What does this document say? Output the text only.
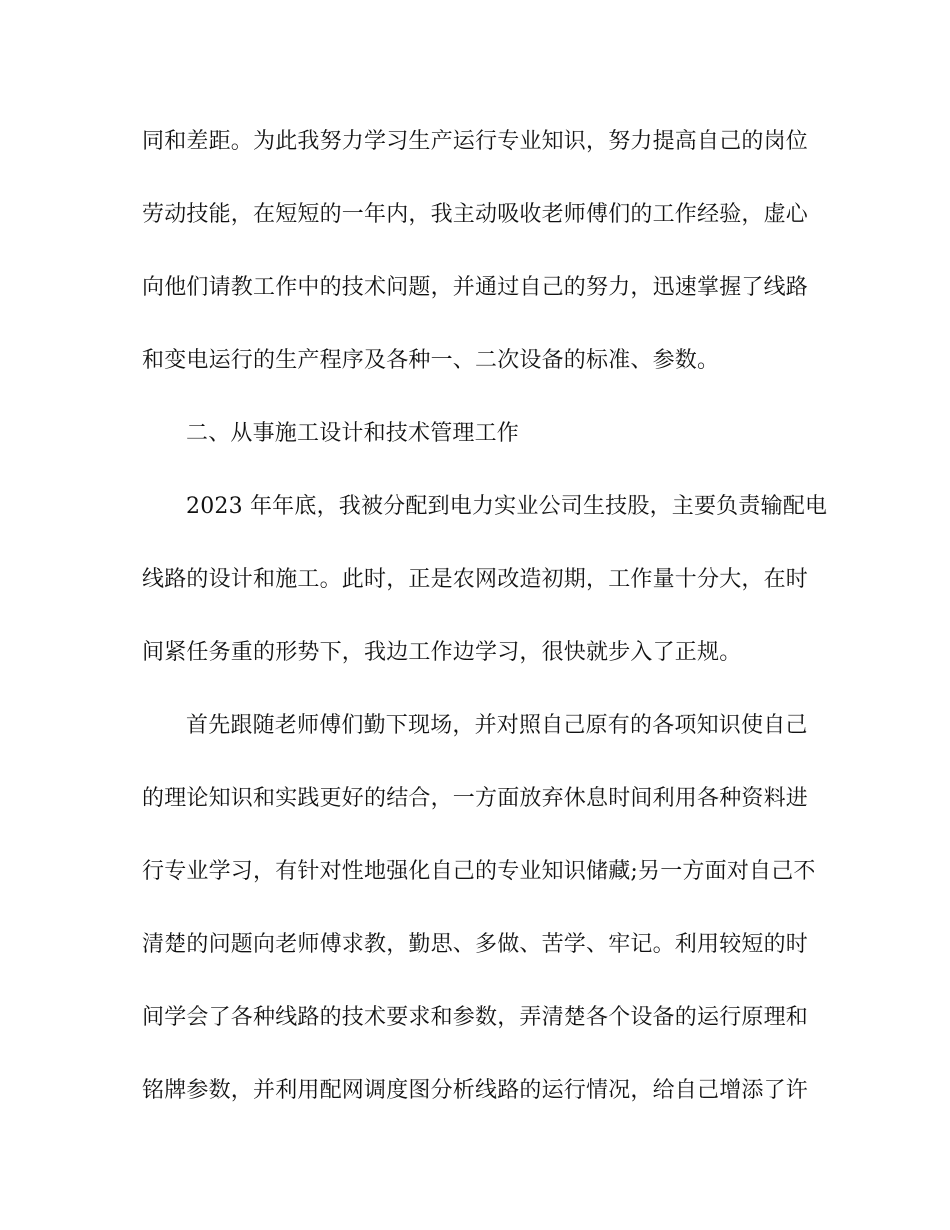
同和差距。为此我努力学习生产运行专业知识，努力提高自己的岗位
劳动技能，在短短的一年内，我主动吸收老师傅们的工作经验，虚心
向他们请教工作中的技术问题，并通过自己的努力，迅速掌握了线路
和变电运行的生产程序及各种一、二次设备的标准、参数。
二、从事施工设计和技术管理工作
2023 年年底，我被分配到电力实业公司生技股，主要负责输配电
线路的设计和施工。此时，正是农网改造初期，工作量十分大，在时
间紧任务重的形势下，我边工作边学习，很快就步入了正规。
首先跟随老师傅们勤下现场，并对照自己原有的各项知识使自己
的理论知识和实践更好的结合，一方面放弃休息时间利用各种资料进
行专业学习，有针对性地强化自己的专业知识储藏;另一方面对自己不
清楚的问题向老师傅求教，勤思、多做、苦学、牢记。利用较短的时
间学会了各种线路的技术要求和参数，弄清楚各个设备的运行原理和
铭牌参数，并利用配网调度图分析线路的运行情况，给自己增添了许
